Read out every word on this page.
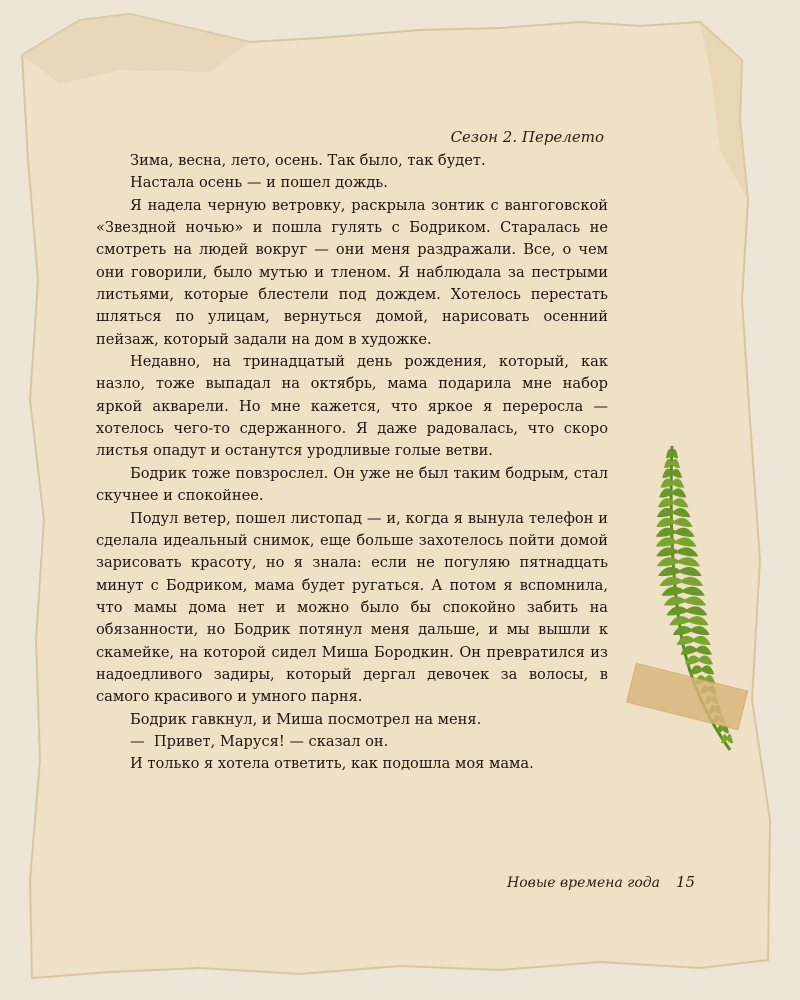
Сезон 2. Перелето

Зима, весна, лето, осень. Так было, так будет.

Настала осень — и пошел дождь.

Я надела черную ветровку, раскрыла зонтик с вангоговской «Звездной ночью» и пошла гулять с Бодриком. Старалась не смотреть на людей вокруг — они меня раздражали. Все, о чем они говорили, было мутью и тленом. Я наблюдала за пестрыми листьями, которые блестели под дождем. Хотелось перестать шляться по улицам, вернуться домой, нарисовать осенний пейзаж, который задали на дом в художке.

Недавно, на тринадцатый день рождения, который, как назло, тоже выпадал на октябрь, мама подарила мне набор яркой акварели. Но мне кажется, что яркое я переросла — хотелось чего-то сдержанного. Я даже радовалась, что скоро листья опадут и останутся уродливые голые ветви.

Бодрик тоже повзрослел. Он уже не был таким бодрым, стал скучнее и спокойнее.

Подул ветер, пошел листопад — и, когда я вынула телефон и сделала идеальный снимок, еще больше захотелось пойти домой зарисовать красоту, но я знала: если не погуляю пятнадцать минут с Бодриком, мама будет ругаться. А потом я вспомнила, что мамы дома нет и можно было бы спокойно забить на обязанности, но Бодрик потянул меня дальше, и мы вышли к скамейке, на которой сидел Миша Бородкин. Он превратился из надоедливого задиры, который дергал девочек за волосы, в самого красивого и умного парня.

Бодрик гавкнул, и Миша посмотрел на меня.

—  Привет, Маруся! — сказал он.

И только я хотела ответить, как подошла моя мама.

Новые времена года 15
